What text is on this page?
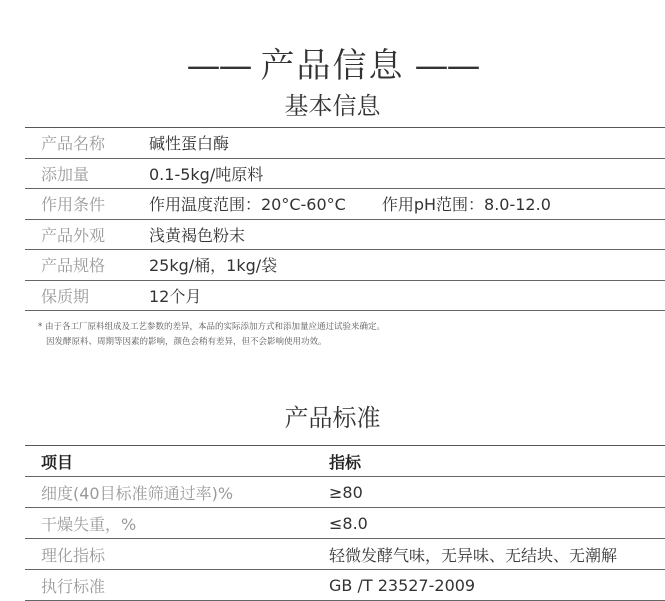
—— 产品信息 ——
基本信息
产品名称	碱性蛋白酶
添加量	0.1-5kg/吨原料
作用条件	作用温度范围：20°C-60°C 作用pH范围：8.0-12.0
产品外观	浅黄褐色粉末
产品规格	25kg/桶，1kg/袋
保质期	12个月
* 由于各工厂原料组成及工艺参数的差异，本品的实际添加方式和添加量应通过试验来确定。
因发酵原料、周期等因素的影响，颜色会稍有差异，但不会影响使用功效。
产品标准
项目	指标
细度(40目标准筛通过率)%	≥80
干燥失重，%	≤8.0
理化指标	轻微发酵气味，无异味、无结块、无潮解
执行标准	GB /T 23527-2009
